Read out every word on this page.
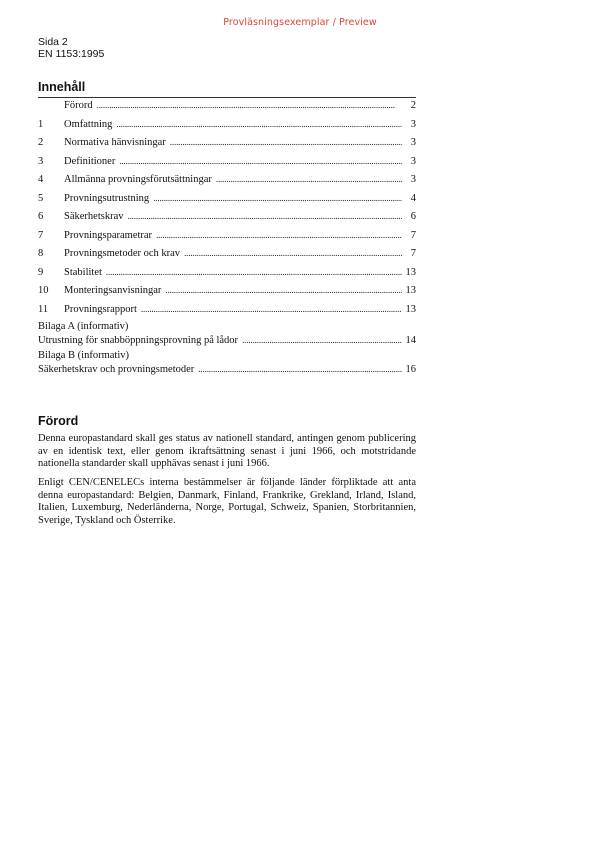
Provläsningsexemplar / Preview
Sida 2
EN 1153:1995
Innehåll
Förord . . .	2
1	Omfattning . . .	3
2	Normativa hänvisningar . . .	3
3	Definitioner . . .	3
4	Allmänna provningsförutsättningar . . .	3
5	Provningsutrustning . . .	4
6	Säkerhetskrav . . .	6
7	Provningsparametrar . . .	7
8	Provningsmetoder och krav . . .	7
9	Stabilitet . . .	13
10	Monteringsanvisningar . . .	13
11	Provningsrapport . . .	13
Bilaga A (informativ)
Utrustning för snabböppningsprovning på lådor . . .	14
Bilaga B (informativ)
Säkerhetskrav och provningsmetoder . . .	16
Förord
Denna europastandard skall ges status av nationell standard, antingen genom publicering av en identisk text, eller genom ikraftsättning senast i juni 1966, och motstridande nationella standarder skall upphävas senast i juni 1966.
Enligt CEN/CENELECs interna bestämmelser är följande länder förpliktade att anta denna europastandard: Belgien, Danmark, Finland, Frankrike, Grekland, Irland, Island, Italien, Luxemburg, Nederländerna, Norge, Portugal, Schweiz, Spanien, Storbritannien, Sverige, Tyskland och Österrike.
